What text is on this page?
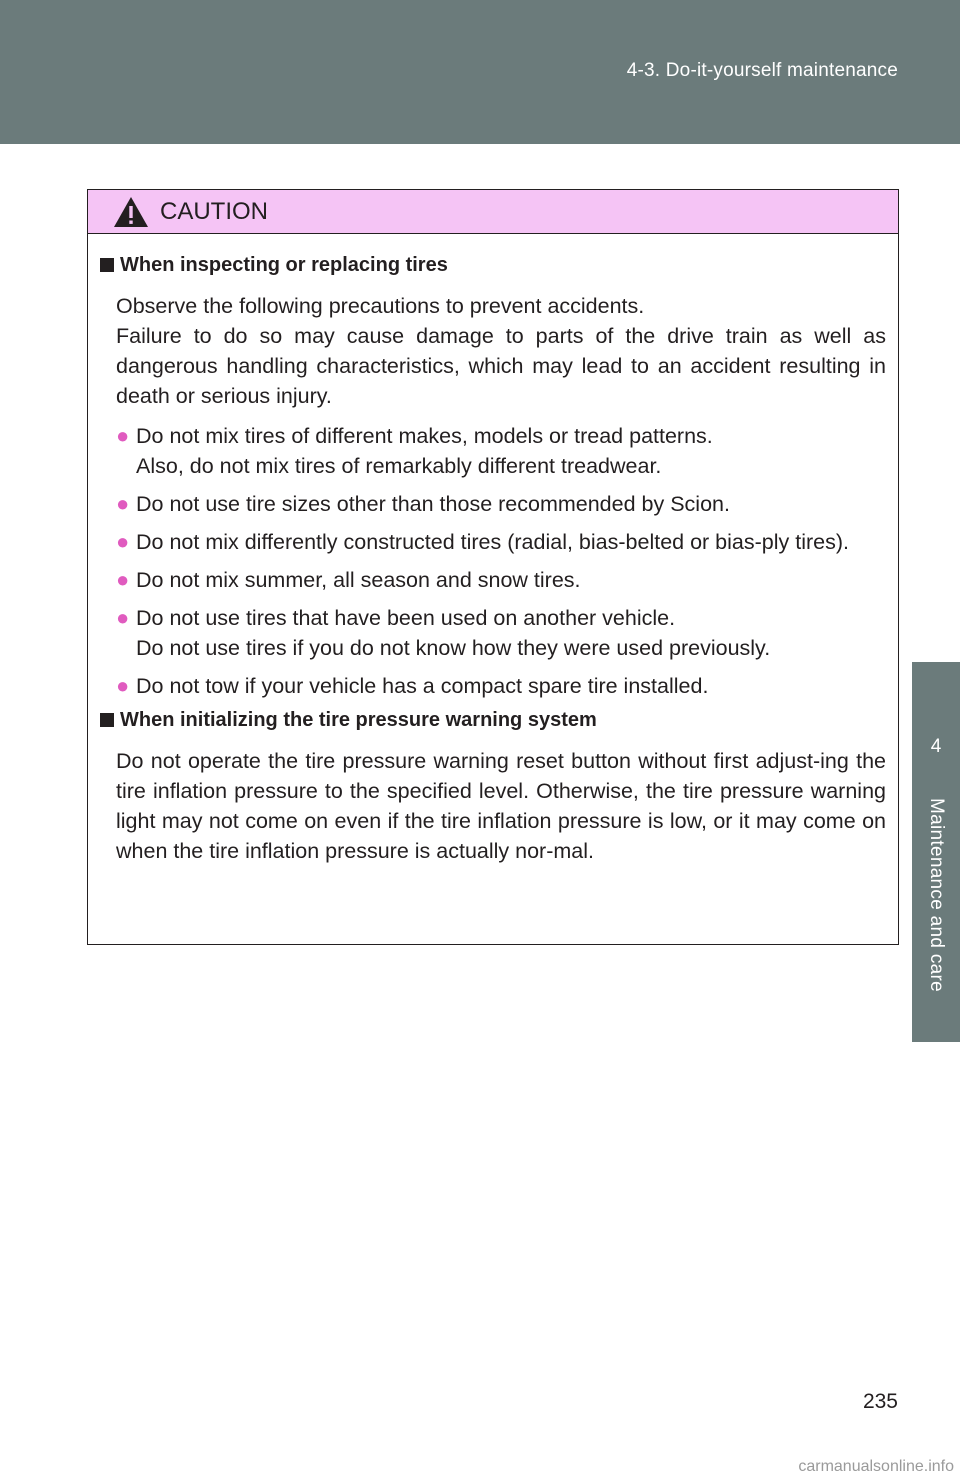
4-3. Do-it-yourself maintenance
4
Maintenance and care
CAUTION
When inspecting or replacing tires
Observe the following precautions to prevent accidents.
Failure to do so may cause damage to parts of the drive train as well as dangerous handling characteristics, which may lead to an accident resulting in death or serious injury.
● Do not mix tires of different makes, models or tread patterns.
Also, do not mix tires of remarkably different treadwear.
● Do not use tire sizes other than those recommended by Scion.
● Do not mix differently constructed tires (radial, bias-belted or bias-ply tires).
● Do not mix summer, all season and snow tires.
● Do not use tires that have been used on another vehicle.
Do not use tires if you do not know how they were used previously.
● Do not tow if your vehicle has a compact spare tire installed.
When initializing the tire pressure warning system
Do not operate the tire pressure warning reset button without first adjust-ing the tire inflation pressure to the specified level. Otherwise, the tire pressure warning light may not come on even if the tire inflation pressure is low, or it may come on when the tire inflation pressure is actually nor-mal.
235
carmanualsonline.info
